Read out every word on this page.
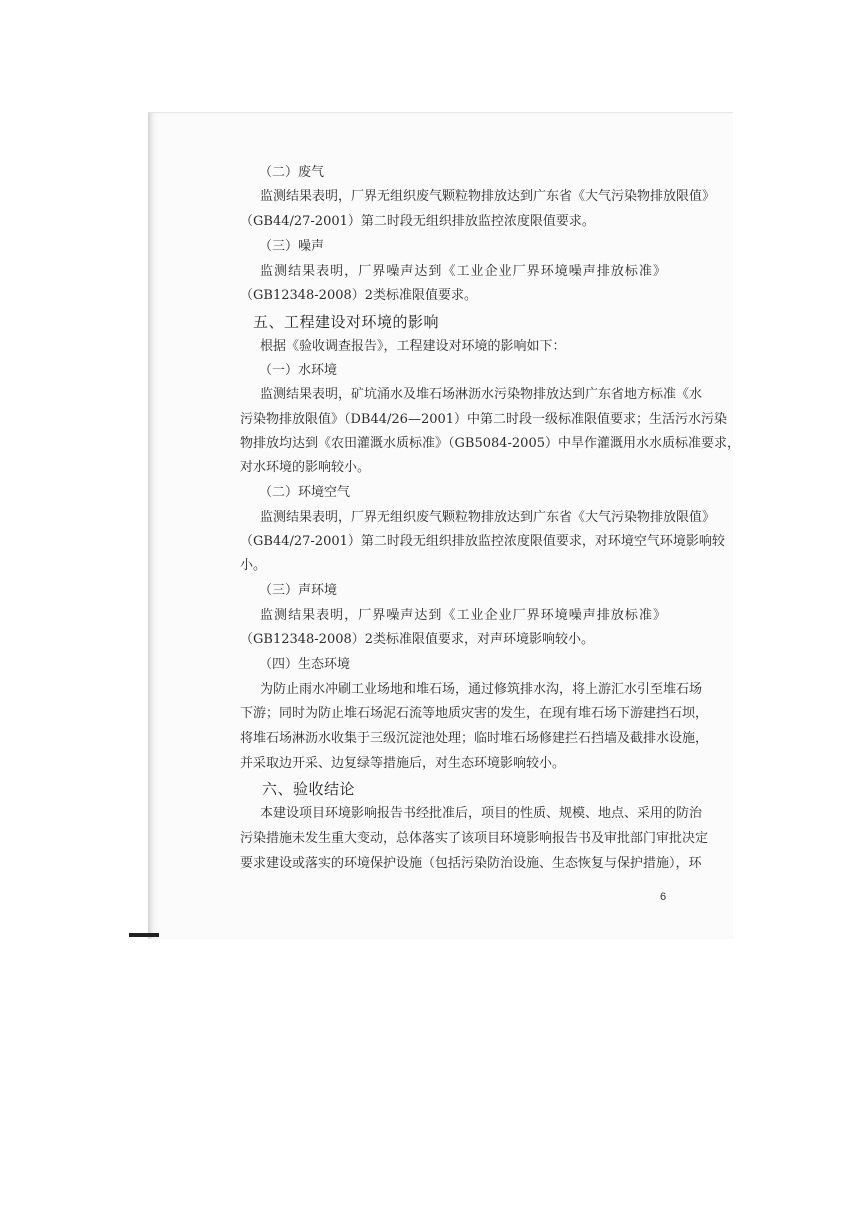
（二）废气
监测结果表明，厂界无组织废气颗粒物排放达到广东省《大气污染物排放限值》
（GB44/27-2001）第二时段无组织排放监控浓度限值要求。
（三）噪声
监测结果表明，厂界噪声达到《工业企业厂界环境噪声排放标准》
（GB12348-2008）2类标准限值要求。
五、工程建设对环境的影响
根据《验收调查报告》，工程建设对环境的影响如下：
（一）水环境
监测结果表明，矿坑涌水及堆石场淋沥水污染物排放达到广东省地方标准《水
污染物排放限值》（DB44/26—2001）中第二时段一级标准限值要求；生活污水污染
物排放均达到《农田灌溉水质标准》（GB5084-2005）中旱作灌溉用水水质标准要求，
对水环境的影响较小。
（二）环境空气
监测结果表明，厂界无组织废气颗粒物排放达到广东省《大气污染物排放限值》
（GB44/27-2001）第二时段无组织排放监控浓度限值要求，对环境空气环境影响较
小。
（三）声环境
监测结果表明，厂界噪声达到《工业企业厂界环境噪声排放标准》
（GB12348-2008）2类标准限值要求，对声环境影响较小。
（四）生态环境
为防止雨水冲刷工业场地和堆石场，通过修筑排水沟，将上游汇水引至堆石场
下游；同时为防止堆石场泥石流等地质灾害的发生，在现有堆石场下游建挡石坝，
将堆石场淋沥水收集于三级沉淀池处理；临时堆石场修建拦石挡墙及截排水设施，
并采取边开采、边复绿等措施后，对生态环境影响较小。
六、验收结论
本建设项目环境影响报告书经批准后，项目的性质、规模、地点、采用的防治
污染措施未发生重大变动，总体落实了该项目环境影响报告书及审批部门审批决定
要求建设或落实的环境保护设施（包括污染防治设施、生态恢复与保护措施），环
6
